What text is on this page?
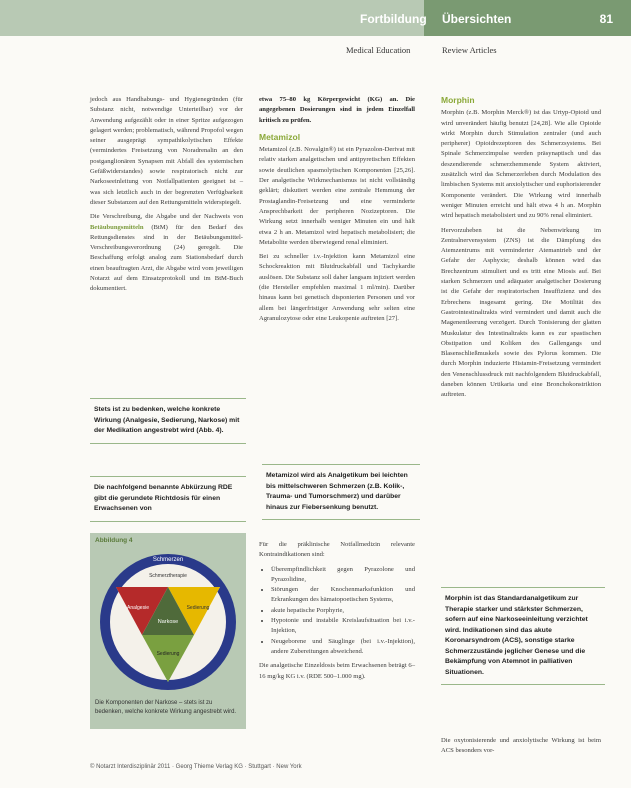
Fortbildung Übersichten	81
Medical Education	Review Articles

jedoch aus Handhabungs- und Hygienegründen (für Substanz nicht, notwendige Unterteilbar) vor der Anwendung aufgezählt oder in einer Spritze aufgezogen gelagert werden; problematisch, während Propofol wegen seiner ausgeprägt sympathikolytischen Effekte (vermindertes Freisetzung von Noradrenalin an den postganglionären Synapsen mit Abfall des systemischen Gefäßwiderstandes) sowie respiratorisch nicht zur Narkoseeinleitung von Notfallpatienten geeignet ist – was sich letztlich auch in der begrenzten Verfügbarkeit dieser Substanzen auf den Rettungsmitteln widerspiegelt.

Die Verschreibung, die Abgabe und der Nachweis von Betäubungsmitteln (BtM) für den Bedarf des Rettungsdienstes sind in der Betäubungsmittel-Verschreibungsverordnung (24) geregelt. Die Beschaffung erfolgt analog zum Stationsbedarf durch einen beauftragten Arzt, die Abgabe wird vom jeweiligen Notarzt auf dem Einsatzprotokoll und im BtM-Buch dokumentiert.

Stets ist zu bedenken, welche konkrete Wirkung (Analgesie, Sedierung, Narkose) mit der Medikation angestrebt wird (Abb. 4).
Die nachfolgend benannte Abkürzung RDE gibt die gerundete Richtdosis für einen Erwachsenen von
Abbildung 4
Schmerzen
Schmerztherapie
Analgesie	Sedierung
Narkose
Sedierung
Die Komponenten der Narkose – stets ist zu bedenken, welche konkrete Wirkung angestrebt wird.

etwa 75–80 kg Körpergewicht (KG) an. Die angegebenen Dosierungen sind in jedem Einzelfall kritisch zu prüfen.

Metamizol

Metamizol (z.B. Novalgin®) ist ein Pyrazolon-Derivat mit relativ starken analgetischen und antipyretischen Effekten sowie deutlichen spasmolytischen Komponenten [25,26]. Der analgetische Wirkmechanismus ist nicht vollständig geklärt; diskutiert werden eine zentrale Hemmung der Prostaglandin-Freisetzung und eine verminderte Ansprechbarkeit der peripheren Nozizeptoren. Die Wirkung setzt innerhalb weniger Minuten ein und hält etwa 2 h an. Metamizol wird hepatisch metabolisiert; die Metabolite werden überwiegend renal eliminiert.

Bei zu schneller i.v.-Injektion kann Metamizol eine Schockreaktion mit Blutdruckabfall und Tachykardie auslösen. Die Substanz soll daher langsam injiziert werden (die Hersteller empfehlen maximal 1 ml/min). Darüber hinaus kann bei genetisch disponierten Personen und vor allem bei längerfristiger Anwendung sehr selten eine Agranulozytose oder eine Leukopenie auftreten [27].

Metamizol wird als Analgetikum bei leichten bis mittelschweren Schmerzen (z.B. Kolik-, Trauma- und Tumorschmerz) und darüber hinaus zur Fiebersenkung benutzt.

Für die präklinische Notfallmedizin relevante Kontraindikationen sind:

• Überempfindlichkeit gegen Pyrazolone und Pyrazolidine,
• Störungen der Knochenmarksfunktion und Erkrankungen des hämatopoetischen Systems,
• akute hepatische Porphyrie,
• Hypotonie und instabile Kreislaufsituation bei i.v.-Injektion,
• Neugeborene und Säuglinge (bei i.v.-Injektion), andere Zubereitungen abweichend.

Die analgetische Einzeldosis beim Erwachsenen beträgt 6–16 mg/kg KG i.v. (RDE 500–1.000 mg).

Morphin

Morphin (z.B. Morphin Merck®) ist das Urtyp-Opioid und wird unverändert häufig benutzt [24,28]. Wie alle Opioide wirkt Morphin durch Stimulation zentraler (und auch peripherer) Opioidrezeptoren des Schmerzsystems. Bei Spinale Schmerzimpulse werden präsynaptisch und das deszendierende schmerzhemmende System aktiviert, zusätzlich wird das Schmerzerleben durch Modulation des limbischen Systems mit anxiolytischer und euphorisierender Komponente verändert. Die Wirkung wird innerhalb weniger Minuten erreicht und hält etwa 4 h an. Morphin wird hepatisch metabolisiert und zu 90% renal eliminiert.

Hervorzuheben ist die Nebenwirkung im Zentralnervensystem (ZNS) ist die Dämpfung des Atemzentrums mit verminderter Atemantrieb und der Gefahr der Asphyxie; deshalb können wird das Brechzentrum stimuliert und es tritt eine Miosis auf. Bei starken Schmerzen und adäquater analgetischer Dosierung ist die Gefahr der respiratorischen Insuffizienz und des Erbrechens insgesamt gering. Die Motilität des Gastrointestinaltrakts wird vermindert und damit auch die Magenentleerung verzögert. Durch Tonisierung der glatten Muskulatur des Intestinaltrakts kann es zur spastischen Obstipation und Koliken des Gallengangs und Blasenschließmuskels sowie des Pylorus kommen. Die durch Morphin induzierte Histamin-Freisetzung vermindert den Venenschlussdruck mit nachfolgendem Blutdruckabfall, daneben können Urtikaria und eine Bronchokonstriktion auftreten.

Morphin ist das Standardanalgetikum zur Therapie starker und stärkster Schmerzen, sofern auf eine Narkoseeinleitung verzichtet wird. Indikationen sind das akute Koronarsyndrom (ACS), sonstige starke Schmerzzustände jeglicher Genese und die Bekämpfung von Atemnot in palliativen Situationen.

Die oxytonisierende und anxiolytische Wirkung ist beim ACS besonders vor-

© Notarzt Interdisziplinär 2011 · Georg Thieme Verlag KG · Stuttgart · New York
